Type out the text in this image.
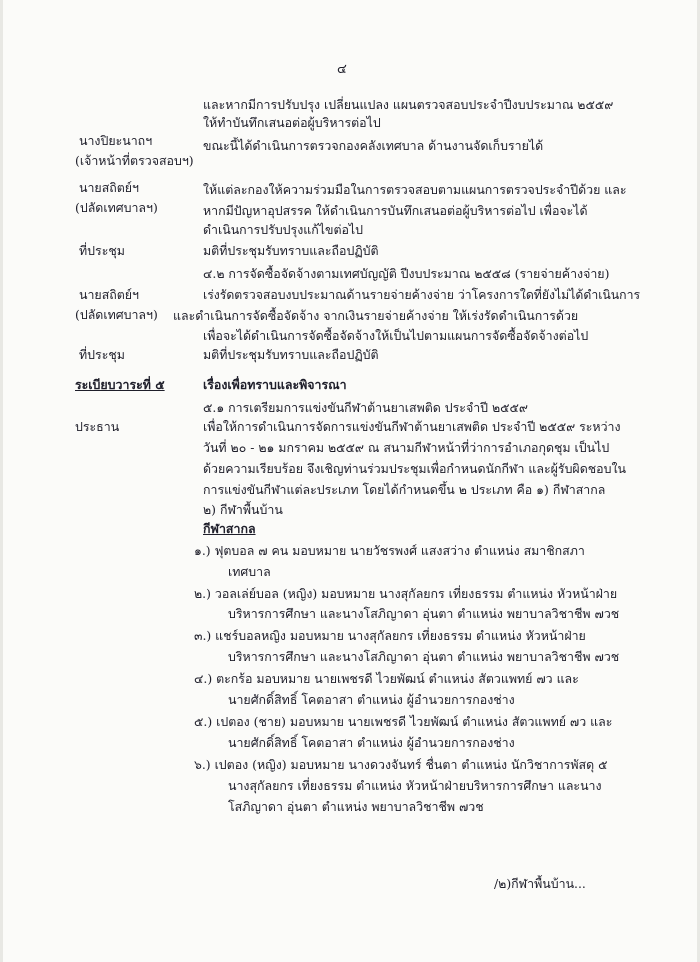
๔
นางปิยะนาถฯ
(เจ้าหน้าที่ตรวจสอบฯ)
นายสถิตย์ฯ
(ปลัดเทศบาลฯ)
ที่ประชุม
นายสถิตย์ฯ
(ปลัดเทศบาลฯ)
ที่ประชุม
ระเบียบวาระที่ ๕
ประธาน
และหากมีการปรับปรุง เปลี่ยนแปลง แผนตรวจสอบประจำปีงบประมาณ ๒๕๕๙
ให้ทำบันทึกเสนอต่อผู้บริหารต่อไป
ขณะนี้ได้ดำเนินการตรวจกองคลังเทศบาล ด้านงานจัดเก็บรายได้
ให้แต่ละกองให้ความร่วมมือในการตรวจสอบตามแผนการตรวจประจำปีด้วย และ
หากมีปัญหาอุปสรรค ให้ดำเนินการบันทึกเสนอต่อผู้บริหารต่อไป เพื่อจะได้
ดำเนินการปรับปรุงแก้ไขต่อไป
มติที่ประชุมรับทราบและถือปฏิบัติ
๔.๒ การจัดซื้อจัดจ้างตามเทศบัญญัติ ปีงบประมาณ ๒๕๕๘ (รายจ่ายค้างจ่าย)
เร่งรัดตรวจสอบงบประมาณด้านรายจ่ายค้างจ่าย ว่าโครงการใดที่ยังไม่ได้ดำเนินการ
และดำเนินการจัดซื้อจัดจ้าง จากเงินรายจ่ายค้างจ่าย ให้เร่งรัดดำเนินการด้วย
เพื่อจะได้ดำเนินการจัดซื้อจัดจ้างให้เป็นไปตามแผนการจัดซื้อจัดจ้างต่อไป
มติที่ประชุมรับทราบและถือปฏิบัติ
เรื่องเพื่อทราบและพิจารณา
๕.๑ การเตรียมการแข่งขันกีฬาต้านยาเสพติด ประจำปี ๒๕๕๙
เพื่อให้การดำเนินการจัดการแข่งขันกีฬาต้านยาเสพติด ประจำปี ๒๕๕๙ ระหว่าง
วันที่ ๒๐ - ๒๑ มกราคม ๒๕๕๙ ณ สนามกีฬาหน้าที่ว่าการอำเภอกุดชุม เป็นไป
ด้วยความเรียบร้อย จึงเชิญท่านร่วมประชุมเพื่อกำหนดนักกีฬา และผู้รับผิดชอบใน
การแข่งขันกีฬาแต่ละประเภท โดยได้กำหนดขึ้น ๒ ประเภท คือ ๑) กีฬาสากล
๒) กีฬาพื้นบ้าน
กีฬาสากล
๑.) ฟุตบอล ๗ คน มอบหมาย นายวัชรพงศ์ แสงสว่าง ตำแหน่ง สมาชิกสภา
เทศบาล
๒.) วอลเล่ย์บอล (หญิง) มอบหมาย นางสุกัลยกร เที่ยงธรรม ตำแหน่ง หัวหน้าฝ่าย
บริหารการศึกษา และนางโสภิญาดา อุ่นตา ตำแหน่ง พยาบาลวิชาชีพ ๗วช
๓.) แชร์บอลหญิง มอบหมาย นางสุกัลยกร เที่ยงธรรม ตำแหน่ง หัวหน้าฝ่าย
บริหารการศึกษา และนางโสภิญาดา อุ่นตา ตำแหน่ง พยาบาลวิชาชีพ ๗วช
๔.) ตะกร้อ มอบหมาย นายเพชรดี ไวยพัฒน์ ตำแหน่ง สัตวแพทย์ ๗ว และ
นายศักดิ์สิทธิ์ โคตอาสา ตำแหน่ง ผู้อำนวยการกองช่าง
๕.) เปตอง (ชาย) มอบหมาย นายเพชรดี ไวยพัฒน์ ตำแหน่ง สัตวแพทย์ ๗ว และ
นายศักดิ์สิทธิ์ โคตอาสา ตำแหน่ง ผู้อำนวยการกองช่าง
๖.) เปตอง (หญิง) มอบหมาย นางดวงจันทร์ ชื่นตา ตำแหน่ง นักวิชาการพัสดุ ๕
นางสุกัลยกร เที่ยงธรรม ตำแหน่ง หัวหน้าฝ่ายบริหารการศึกษา และนาง
โสภิญาดา อุ่นตา ตำแหน่ง พยาบาลวิชาชีพ ๗วช
/๒)กีฬาพื้นบ้าน...
